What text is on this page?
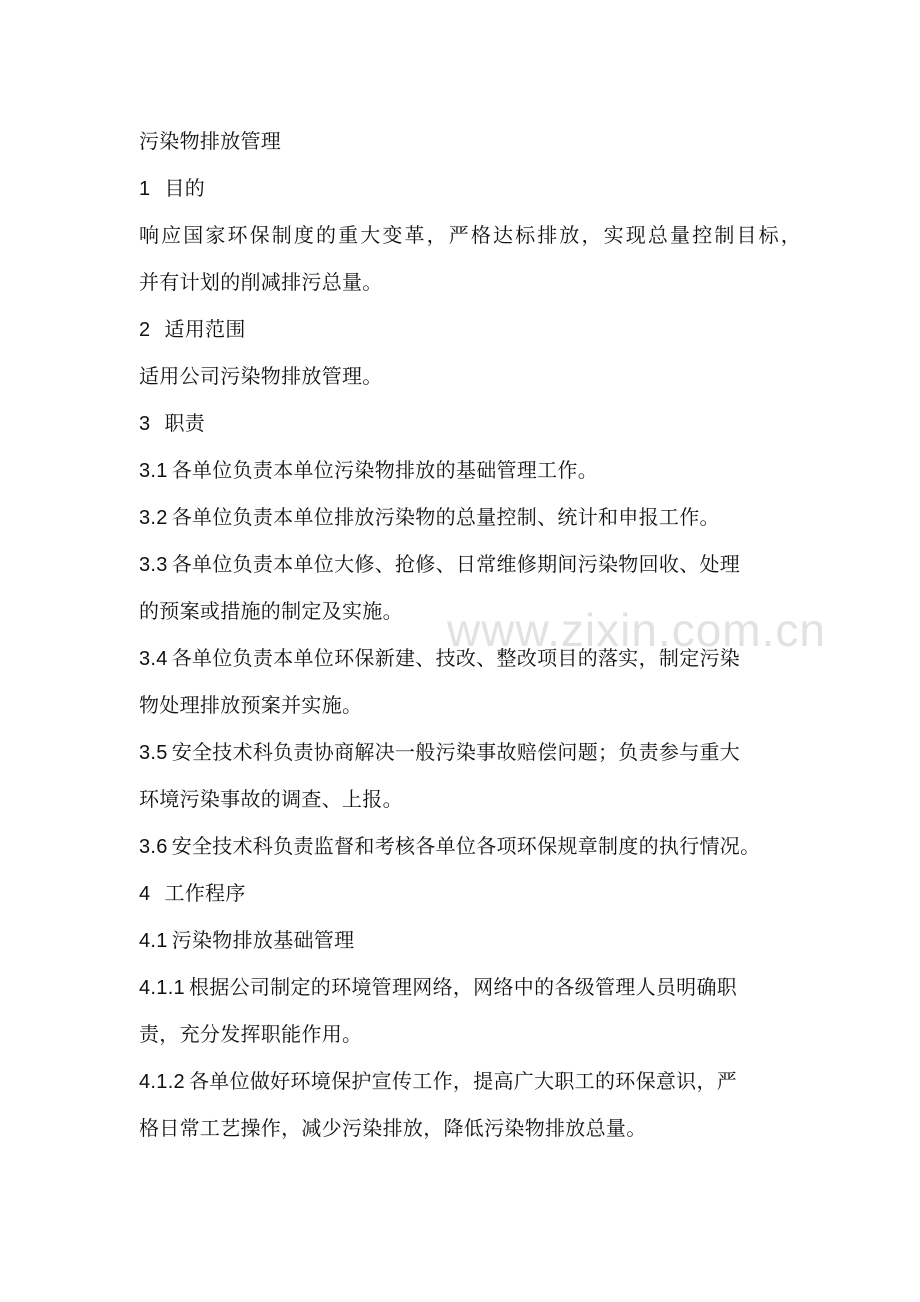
污染物排放管理
1 目的
响应国家环保制度的重大变革，严格达标排放，实现总量控制目标，
并有计划的削减排污总量。
2 适用范围
适用公司污染物排放管理。
3 职责
3.1 各单位负责本单位污染物排放的基础管理工作。
3.2 各单位负责本单位排放污染物的总量控制、统计和申报工作。
3.3 各单位负责本单位大修、抢修、日常维修期间污染物回收、处理
的预案或措施的制定及实施。
3.4 各单位负责本单位环保新建、技改、整改项目的落实，制定污染
物处理排放预案并实施。
3.5 安全技术科负责协商解决一般污染事故赔偿问题；负责参与重大
环境污染事故的调查、上报。
3.6 安全技术科负责监督和考核各单位各项环保规章制度的执行情况。
4 工作程序
4.1 污染物排放基础管理
4.1.1 根据公司制定的环境管理网络，网络中的各级管理人员明确职
责，充分发挥职能作用。
4.1.2 各单位做好环境保护宣传工作，提高广大职工的环保意识，严
格日常工艺操作，减少污染排放，降低污染物排放总量。
www.zixin.com.cn
